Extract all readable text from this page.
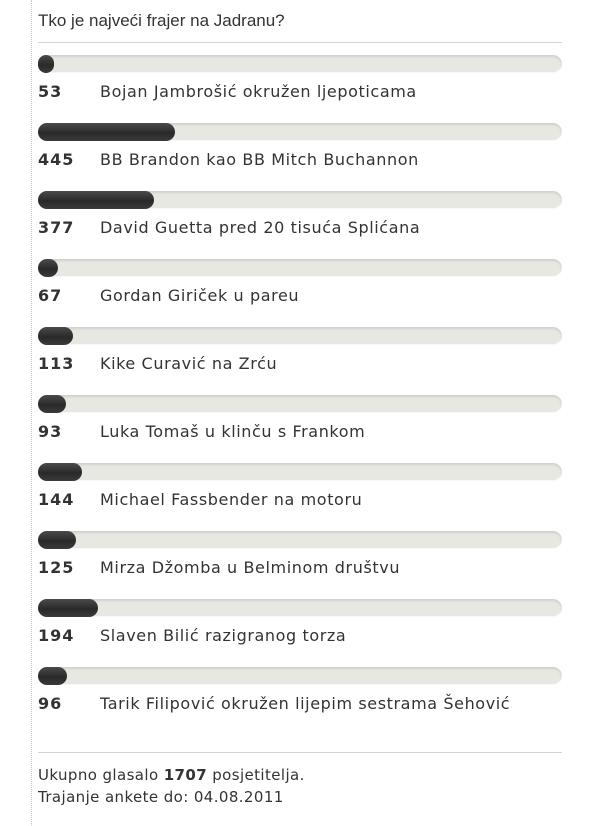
Tko je najveći frajer na Jadranu?
53	Bojan Jambrošić okružen ljepoticama
445	BB Brandon kao BB Mitch Buchannon
377	David Guetta pred 20 tisuća Splićana
67	Gordan Giriček u pareu
113	Kike Curavić na Zrću
93	Luka Tomaš u klinču s Frankom
144	Michael Fassbender na motoru
125	Mirza Džomba u Belminom društvu
194	Slaven Bilić razigranog torza
96	Tarik Filipović okružen lijepim sestrama Šehović
Ukupno glasalo 1707 posjetitelja.
Trajanje ankete do: 04.08.2011
